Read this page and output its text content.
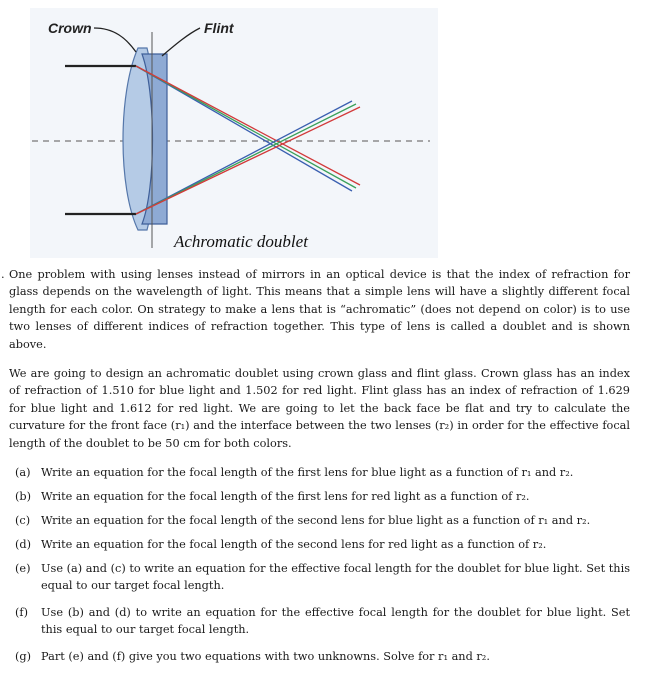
Crown	Flint
Achromatic doublet

. One problem with using lenses instead of mirrors in an optical device is that the index of refraction for glass depends on the wavelength of light. This means that a simple lens will have a slightly different focal length for each color. On strategy to make a lens that is “achromatic” (does not depend on color) is to use two lenses of different indices of refraction together. This type of lens is called a doublet and is shown above.

We are going to design an achromatic doublet using crown glass and flint glass. Crown glass has an index of refraction of 1.510 for blue light and 1.502 for red light. Flint glass has an index of refraction of 1.629 for blue light and 1.612 for red light. We are going to let the back face be flat and try to calculate the curvature for the front face (r₁) and the interface between the two lenses (r₂) in order for the effective focal length of the doublet to be 50 cm for both colors.

(a) Write an equation for the focal length of the first lens for blue light as a function of r₁ and r₂.
(b) Write an equation for the focal length of the first lens for red light as a function of r₂.
(c) Write an equation for the focal length of the second lens for blue light as a function of r₁ and r₂.
(d) Write an equation for the focal length of the second lens for red light as a function of r₂.
(e) Use (a) and (c) to write an equation for the effective focal length for the doublet for blue light. Set this equal to our target focal length.
(f) Use (b) and (d) to write an equation for the effective focal length for the doublet for blue light. Set this equal to our target focal length.
(g) Part (e) and (f) give you two equations with two unknowns. Solve for r₁ and r₂.
